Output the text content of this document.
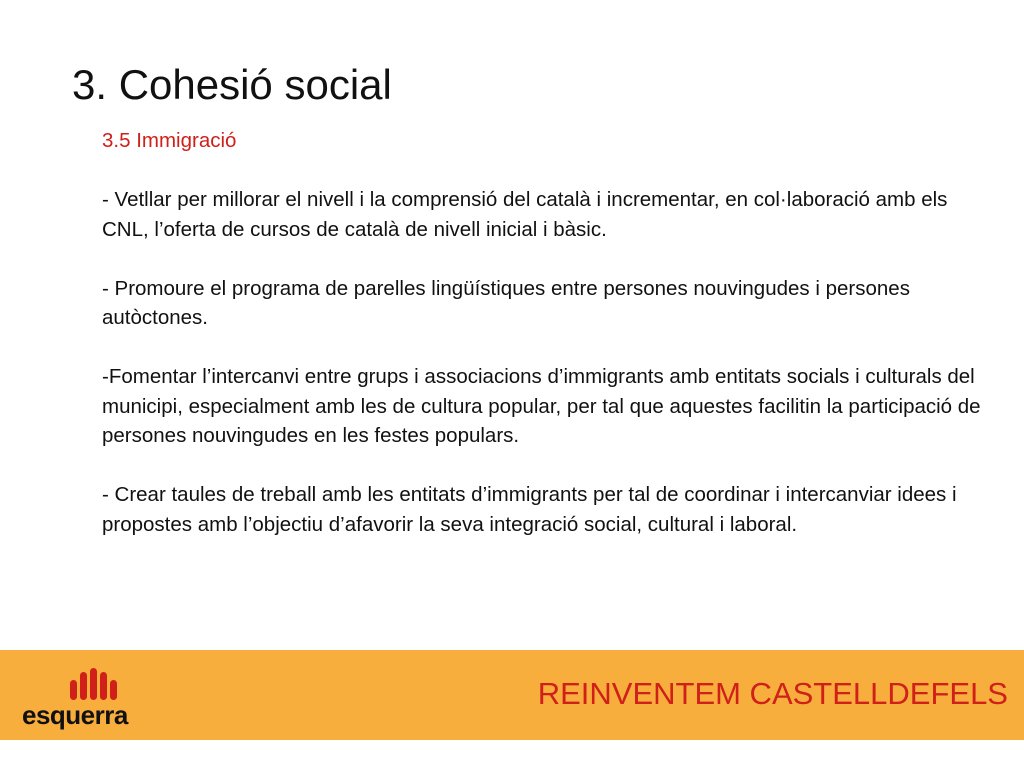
3. Cohesió social

3.5 Immigració

- Vetllar per millorar el nivell i la comprensió del català i incrementar, en col·laboració amb els CNL, l’oferta de cursos de català de nivell inicial i bàsic.

- Promoure el programa de parelles lingüístiques entre persones nouvingudes i persones autòctones.

-Fomentar l’intercanvi entre grups i associacions d’immigrants amb entitats socials i culturals del municipi, especialment amb les de cultura popular, per tal que aquestes facilitin la participació de persones nouvingudes en les festes populars.

- Crear taules de treball amb les entitats d’immigrants per tal de coordinar i intercanviar idees i propostes amb l’objectiu d’afavorir la seva integració social, cultural i laboral.

esquerra
REINVENTEM CASTELLDEFELS
